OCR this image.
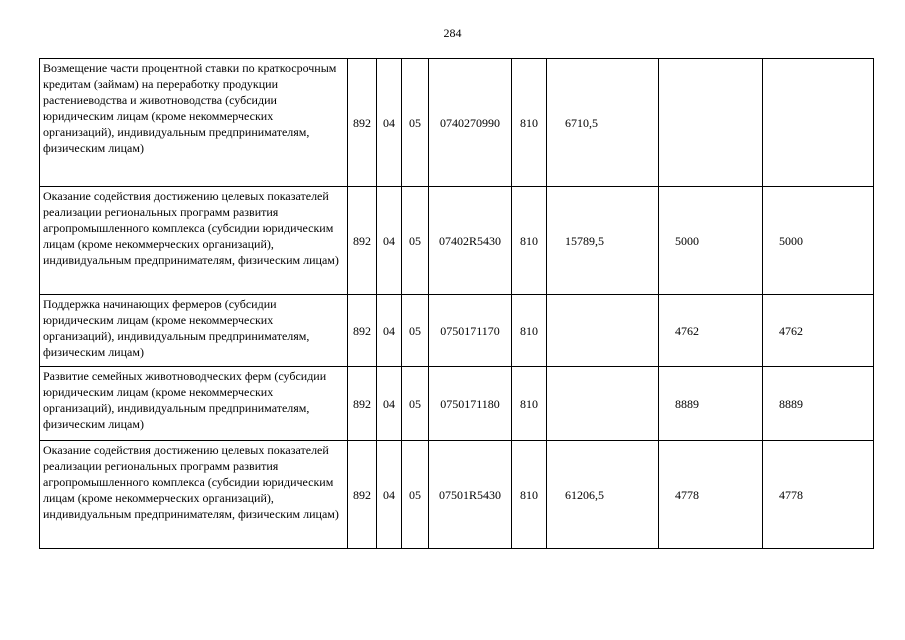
284
Возмещение части процентной ставки по краткосрочным кредитам (займам) на переработку продукции растениеводства и животноводства (субсидии юридическим лицам (кроме некоммерческих организаций), индивидуальным предпринимателям, физическим лицам)	892	04	05	0740270990	810	6710,5		
Оказание содействия достижению целевых показателей реализации региональных программ развития агропромышленного комплекса (субсидии юридическим лицам (кроме некоммерческих организаций), индивидуальным предпринимателям, физическим лицам)	892	04	05	07402R5430	810	15789,5	5000	5000
Поддержка начинающих фермеров (субсидии юридическим лицам (кроме некоммерческих организаций), индивидуальным предпринимателям, физическим лицам)	892	04	05	0750171170	810		4762	4762
Развитие семейных животноводческих ферм (субсидии юридическим лицам (кроме некоммерческих организаций), индивидуальным предпринимателям, физическим лицам)	892	04	05	0750171180	810		8889	8889
Оказание содействия достижению целевых показателей реализации региональных программ развития агропромышленного комплекса (субсидии юридическим лицам (кроме некоммерческих организаций), индивидуальным предпринимателям, физическим лицам)	892	04	05	07501R5430	810	61206,5	4778	4778
